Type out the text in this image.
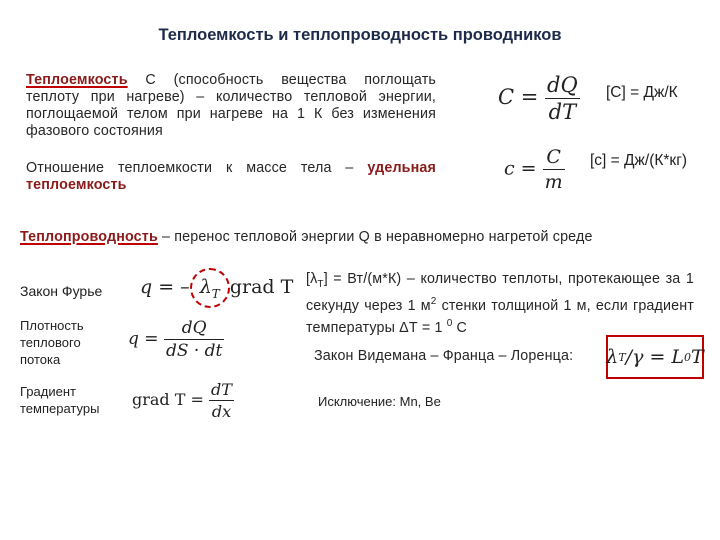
Теплоемкость и теплопроводность проводников
Теплоемкость С (способность вещества поглощать теплоту при нагреве) – количество тепловой энергии, поглощаемой телом при нагреве на 1 К без изменения фазового состояния
$C = \frac{dQ}{dT} [C] = Дж/К$
Отношение теплоемкости к массе тела – удельная теплоемкость
$c = \frac{C}{m} [c] = Дж/(К*кг)$
Теплопроводность – перенос тепловой энергии Q в неравномерно нагретой среде
Закон Фурье q = – $\lambda_T$ grad T
Плотность теплового потока
$q = \frac{dQ}{dS \cdot dt}$
Градиент температуры	grad $T = \frac{dT}{dx}$
$[\lambda_T] = Вт/(м*К)$ – количество теплоты, протекающее за 1 секунду через 1 $м^2$ стенки толщиной 1 м, если градиент температуры ΔТ = 1 $^0$ С
Закон Видемана – Франца – Лоренца: λ T /γ = L 0 T
Исключение: Mn, Be
